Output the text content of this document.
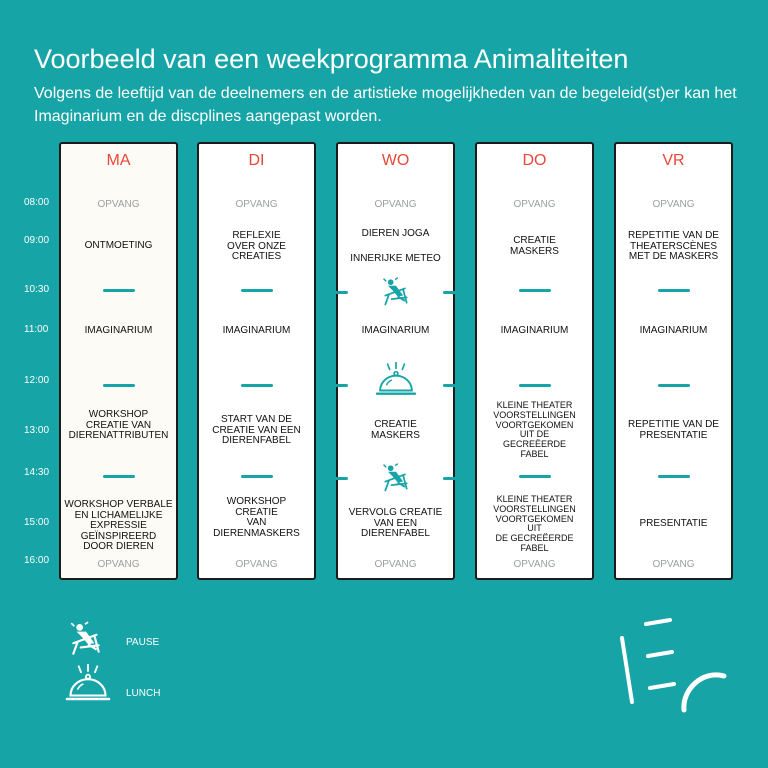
Voorbeeld van een weekprogramma Animaliteiten

Volgens de leeftijd van de deelnemers en de artistieke mogelijkheden van de begeleid(st)er kan het Imaginarium en de discplines aangepast worden.

08:00
09:00
10:30
11:00
12:00
13:00
14:30
15:00
16:00
MA
OPVANG
ONTMOETING
IMAGINARIUM
WORKSHOP
CREATIE VAN
DIERENATTRIBUTEN
WORKSHOP VERBALE
EN LICHAMELIJKE
EXPRESSIE
GEÏNSPIREERD
DOOR DIEREN
OPVANG
DI
OPVANG
REFLEXIE
OVER ONZE
CREATIES
IMAGINARIUM
START VAN DE
CREATIE VAN EEN
DIERENFABEL
WORKSHOP
CREATIE
VAN
DIERENMASKERS
OPVANG
WO
OPVANG
DIEREN JOGA
INNERIJKE METEO
IMAGINARIUM
CREATIE
MASKERS
VERVOLG CREATIE
VAN EEN
DIERENFABEL
OPVANG
DO
OPVANG
CREATIE
MASKERS
IMAGINARIUM
KLEINE THEATER
VOORSTELLINGEN
VOORTGEKOMEN
UIT DE
GECREËERDE
FABEL
KLEINE THEATER
VOORSTELLINGEN
VOORTGEKOMEN
UIT
DE GECREËERDE
FABEL
OPVANG
VR
OPVANG
REPETITIE VAN DE
THEATERSCÈNES
MET DE MASKERS
IMAGINARIUM
REPETITIE VAN DE
PRESENTATIE
PRESENTATIE
OPVANG
PAUSE
LUNCH
